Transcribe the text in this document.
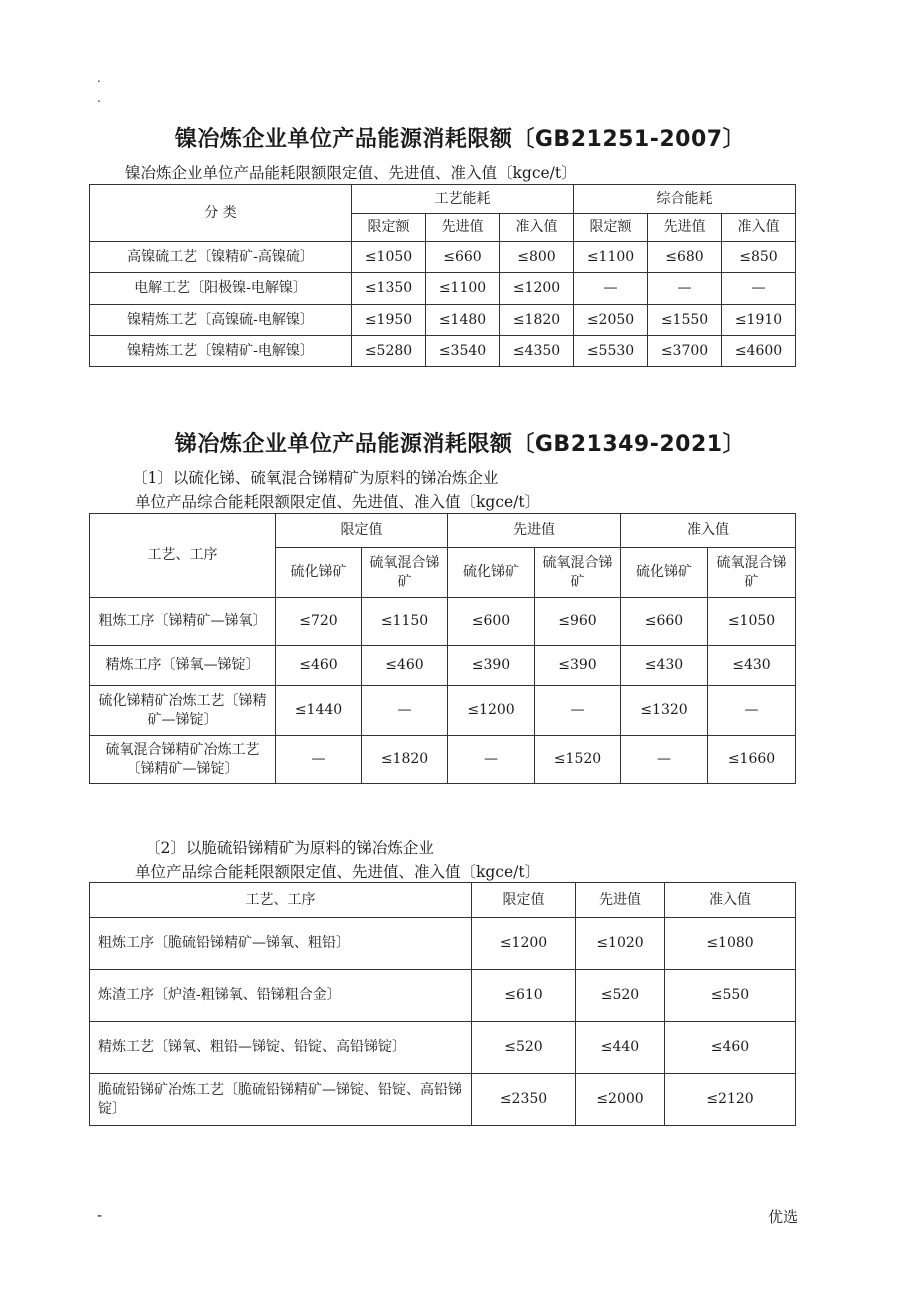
.
.
镍冶炼企业单位产品能源消耗限额〔GB21251-2007〕
镍冶炼企业单位产品能耗限额限定值、先进值、准入值〔kgce/t〕
分 类	工艺能耗			综合能耗		
	限定额	先进值	准入值	限定额	先进值	准入值
高镍硫工艺〔镍精矿-高镍硫〕	≤1050	≤660	≤800	≤1100	≤680	≤850
电解工艺〔阳极镍-电解镍〕	≤1350	≤1100	≤1200	—	—	—
镍精炼工艺〔高镍硫-电解镍〕	≤1950	≤1480	≤1820	≤2050	≤1550	≤1910
镍精炼工艺〔镍精矿-电解镍〕	≤5280	≤3540	≤4350	≤5530	≤3700	≤4600
锑冶炼企业单位产品能源消耗限额〔GB21349-2021〕
〔1〕以硫化锑、硫氧混合锑精矿为原料的锑冶炼企业
单位产品综合能耗限额限定值、先进值、准入值〔kgce/t〕
工艺、工序	限定值		先进值		准入值	
	硫化锑矿	硫氧混合锑矿	硫化锑矿	硫氧混合锑矿	硫化锑矿	硫氧混合锑矿
粗炼工序〔锑精矿—锑氧〕	≤720	≤1150	≤600	≤960	≤660	≤1050
精炼工序〔锑氧—锑锭〕	≤460	≤460	≤390	≤390	≤430	≤430
硫化锑精矿冶炼工艺〔锑精矿—锑锭〕	≤1440	—	≤1200	—	≤1320	—
硫氧混合锑精矿冶炼工艺〔锑精矿—锑锭〕	—	≤1820	—	≤1520	—	≤1660
〔2〕以脆硫铅锑精矿为原料的锑冶炼企业
单位产品综合能耗限额限定值、先进值、准入值〔kgce/t〕
工艺、工序	限定值	先进值	准入值
粗炼工序〔脆硫铅锑精矿—锑氧、粗铅〕	≤1200	≤1020	≤1080
炼渣工序〔炉渣-粗锑氧、铅锑粗合金〕	≤610	≤520	≤550
精炼工艺〔锑氧、粗铅—锑锭、铅锭、高铅锑锭〕	≤520	≤440	≤460
脆硫铅锑矿冶炼工艺〔脆硫铅锑精矿—锑锭、铅锭、高铅锑锭〕	≤2350	≤2000	≤2120
-	优选
